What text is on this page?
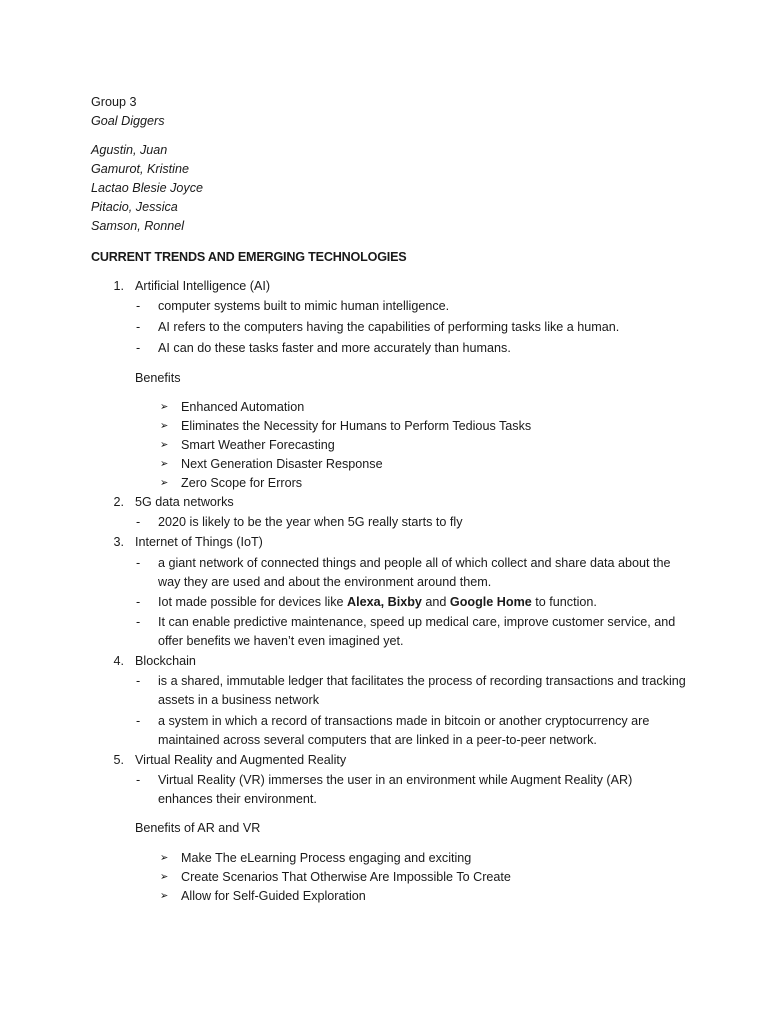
Group 3
Goal Diggers
Agustin, Juan
Gamurot, Kristine
Lactao Blesie Joyce
Pitacio, Jessica
Samson, Ronnel
CURRENT TRENDS AND EMERGING TECHNOLOGIES
1. Artificial Intelligence (AI)
-	computer systems built to mimic human intelligence.
-	AI refers to the computers having the capabilities of performing tasks like a human.
-	AI can do these tasks faster and more accurately than humans.
Benefits
➢	Enhanced Automation
➢	Eliminates the Necessity for Humans to Perform Tedious Tasks
➢	Smart Weather Forecasting
➢	Next Generation Disaster Response
➢	Zero Scope for Errors
2. 5G data networks
-	2020 is likely to be the year when 5G really starts to fly
3. Internet of Things (IoT)
-	a giant network of connected things and people all of which collect and share data about the
way they are used and about the environment around them.
-	Iot made possible for devices like Alexa, Bixby and Google Home to function.
-	It can enable predictive maintenance, speed up medical care, improve customer service, and
offer benefits we haven’t even imagined yet.
4. Blockchain
-	is a shared, immutable ledger that facilitates the process of recording transactions and tracking
assets in a business network
-	a system in which a record of transactions made in bitcoin or another cryptocurrency are
maintained across several computers that are linked in a peer-to-peer network.
5. Virtual Reality and Augmented Reality
-	Virtual Reality (VR) immerses the user in an environment while Augment Reality (AR)
enhances their environment.
Benefits of AR and VR
➢	Make The eLearning Process engaging and exciting
➢	Create Scenarios That Otherwise Are Impossible To Create
➢	Allow for Self-Guided Exploration
